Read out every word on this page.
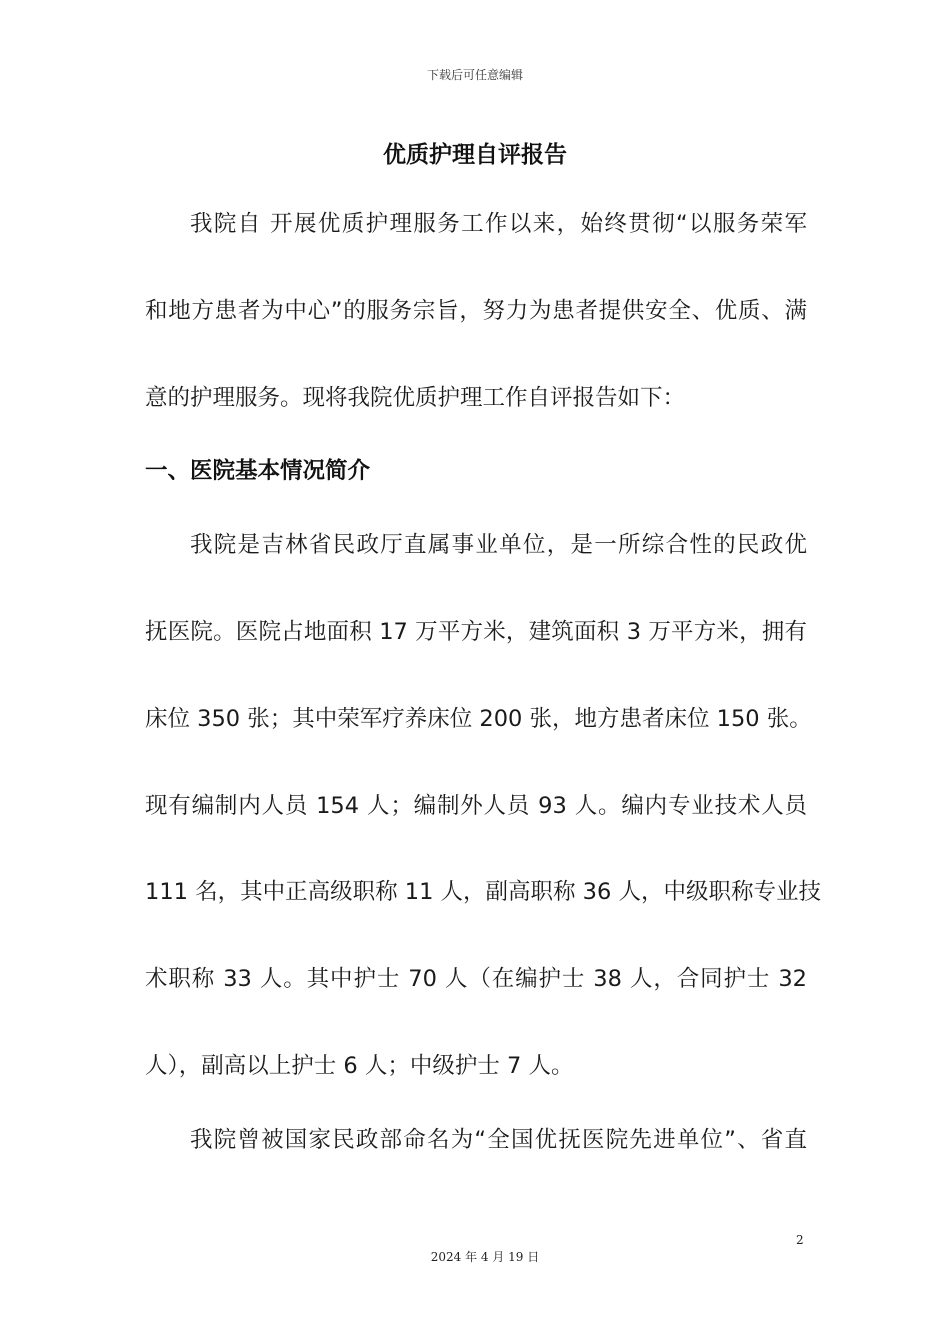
下载后可任意编辑
优质护理自评报告
我院自 开展优质护理服务工作以来，始终贯彻“以服务荣军
和地方患者为中心”的服务宗旨，努力为患者提供安全、优质、满
意的护理服务。现将我院优质护理工作自评报告如下：
一、医院基本情况简介
我院是吉林省民政厅直属事业单位，是一所综合性的民政优
抚医院。医院占地面积 17 万平方米，建筑面积 3 万平方米，拥有
床位 350 张；其中荣军疗养床位 200 张，地方患者床位 150 张。
现有编制内人员 154 人；编制外人员 93 人。编内专业技术人员
111 名，其中正高级职称 11 人，副高职称 36 人，中级职称专业技
术职称 33 人。其中护士 70 人（在编护士 38 人，合同护士 32
人），副高以上护士 6 人；中级护士 7 人。
我院曾被国家民政部命名为“全国优抚医院先进单位”、省直
2
2024 年 4 月 19 日
